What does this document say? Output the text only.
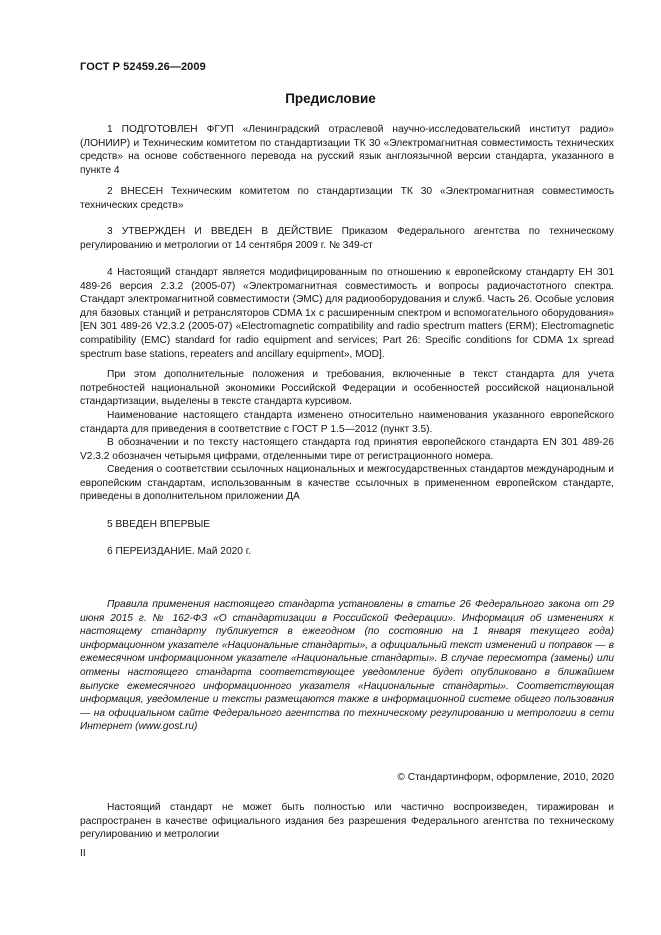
ГОСТ Р 52459.26—2009
Предисловие

1 ПОДГОТОВЛЕН ФГУП «Ленинградский отраслевой научно-исследовательский институт радио» (ЛОНИИР) и Техническим комитетом по стандартизации ТК 30 «Электромагнитная совместимость технических средств» на основе собственного перевода на русский язык англоязычной версии стандарта, указанного в пункте 4

2 ВНЕСЕН Техническим комитетом по стандартизации ТК 30 «Электромагнитная совместимость технических средств»

3 УТВЕРЖДЕН И ВВЕДЕН В ДЕЙСТВИЕ Приказом Федерального агентства по техническому регулированию и метрологии от 14 сентября 2009 г. № 349-ст

4 Настоящий стандарт является модифицированным по отношению к европейскому стандарту ЕН 301 489-26 версия 2.3.2 (2005-07) «Электромагнитная совместимость и вопросы радиочастотного спектра. Стандарт электромагнитной совместимости (ЭМС) для радиооборудования и служб. Часть 26. Особые условия для базовых станций и ретрансляторов CDMA 1x с расширенным спектром и вспомогательного оборудования» [EN 301 489-26 V2.3.2 (2005-07) «Electromagnetic compatibility and radio spectrum matters (ERM); Electromagnetic compatibility (EMC) standard for radio equipment and services; Part 26: Specific conditions for CDMA 1x spread spectrum base stations, repeaters and ancillary equipment», MOD].

При этом дополнительные положения и требования, включенные в текст стандарта для учета потребностей национальной экономики Российской Федерации и особенностей российской национальной стандартизации, выделены в тексте стандарта курсивом.

Наименование настоящего стандарта изменено относительно наименования указанного европейского стандарта для приведения в соответствие с ГОСТ Р 1.5—2012 (пункт 3.5).

В обозначении и по тексту настоящего стандарта год принятия европейского стандарта EN 301 489-26 V2.3.2 обозначен четырьмя цифрами, отделенными тире от регистрационного номера.

Сведения о соответствии ссылочных национальных и межгосударственных стандартов международным и европейским стандартам, использованным в качестве ссылочных в примененном европейском стандарте, приведены в дополнительном приложении ДА

5 ВВЕДЕН ВПЕРВЫЕ

6 ПЕРЕИЗДАНИЕ. Май 2020 г.

Правила применения настоящего стандарта установлены в статье 26 Федерального закона от 29 июня 2015 г. № 162-ФЗ «О стандартизации в Российской Федерации». Информация об изменениях к настоящему стандарту публикуется в ежегодном (по состоянию на 1 января текущего года) информационном указателе «Национальные стандарты», а официальный текст изменений и поправок — в ежемесячном информационном указателе «Национальные стандарты». В случае пересмотра (замены) или отмены настоящего стандарта соответствующее уведомление будет опубликовано в ближайшем выпуске ежемесячного информационного указателя «Национальные стандарты». Соответствующая информация, уведомление и тексты размещаются также в информационной системе общего пользования — на официальном сайте Федерального агентства по техническому регулированию и метрологии в сети Интернет (www.gost.ru)

© Стандартинформ, оформление, 2010, 2020

Настоящий стандарт не может быть полностью или частично воспроизведен, тиражирован и распространен в качестве официального издания без разрешения Федерального агентства по техническому регулированию и метрологии

II
